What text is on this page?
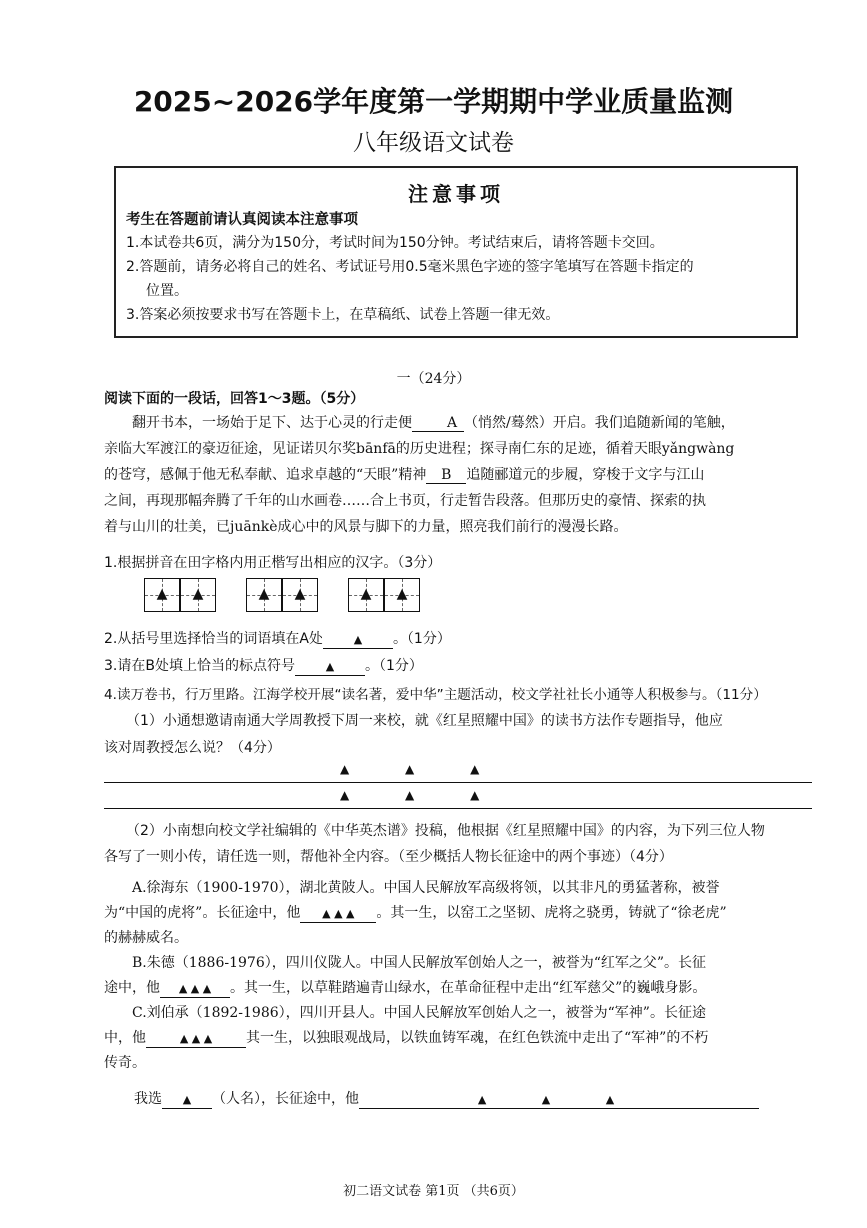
2025~2026学年度第一学期期中学业质量监测
八年级语文试卷
注意事项
考生在答题前请认真阅读本注意事项
1.本试卷共6页，满分为150分，考试时间为150分钟。考试结束后，请将答题卡交回。
2.答题前，请务必将自己的姓名、考试证号用0.5毫米黑色字迹的签字笔填写在答题卡指定的
位置。
3.答案必须按要求书写在答题卡上，在草稿纸、试卷上答题一律无效。
一（24分）
阅读下面的一段话，回答1～3题。（5分）
翻开书本，一场始于足下、达于心灵的行走便 A （悄然/蓦然）开启。我们追随新闻的笔触，
亲临大军渡江的豪迈征途，见证诺贝尔奖bānfā的历史进程；探寻南仁东的足迹，循着天眼yǎngwàng
的苍穹，感佩于他无私奉献、追求卓越的“天眼”精神 B 追随郦道元的步履，穿梭于文字与江山
之间，再现那幅奔腾了千年的山水画卷……合上书页，行走暂告段落。但那历史的豪情、探索的执
着与山川的壮美，已juānkè成心中的风景与脚下的力量，照亮我们前行的漫漫长路。
1.根据拼音在田字格内用正楷写出相应的汉字。（3分）
▲	▲	▲	▲	▲	▲
2.从括号里选择恰当的词语填在A处	▲ 。（1分）
3.请在B处填上恰当的标点符号	▲ 。（1分）
4.读万卷书，行万里路。江海学校开展“读名著，爱中华”主题活动，校文学社社长小通等人积极参与。（11分）
（1）小通想邀请南通大学周教授下周一来校，就《红星照耀中国》的读书方法作专题指导，他应
该对周教授怎么说？（4分）
▲ ▲ ▲
▲ ▲ ▲
（2）小南想向校文学社编辑的《中华英杰谱》投稿，他根据《红星照耀中国》的内容，为下列三位人物
各写了一则小传，请任选一则，帮他补全内容。（至少概括人物长征途中的两个事迹）（4分）
A.徐海东（1900-1970），湖北黄陂人。中国人民解放军高级将领，以其非凡的勇猛著称，被誉
为“中国的虎将”。长征途中，他 ▲ ▲ ▲ 。其一生，以窑工之坚韧、虎将之骁勇，铸就了“徐老虎”
的赫赫威名。
B.朱德（1886-1976），四川仪陇人。中国人民解放军创始人之一，被誉为“红军之父”。长征
途中，他 ▲ ▲ ▲ 。其一生，以草鞋踏遍青山绿水，在革命征程中走出“红军慈父”的巍峨身影。
C.刘伯承（1892-1986），四川开县人。中国人民解放军创始人之一，被誉为“军神”。长征途
中，他	▲ ▲ ▲ 其一生，以独眼观战局，以铁血铸军魂，在红色铁流中走出了“军神”的不朽
传奇。
我选 ▲ （人名），长征途中，他	▲ ▲ ▲
初二语文试卷 第1页 （共6页）
